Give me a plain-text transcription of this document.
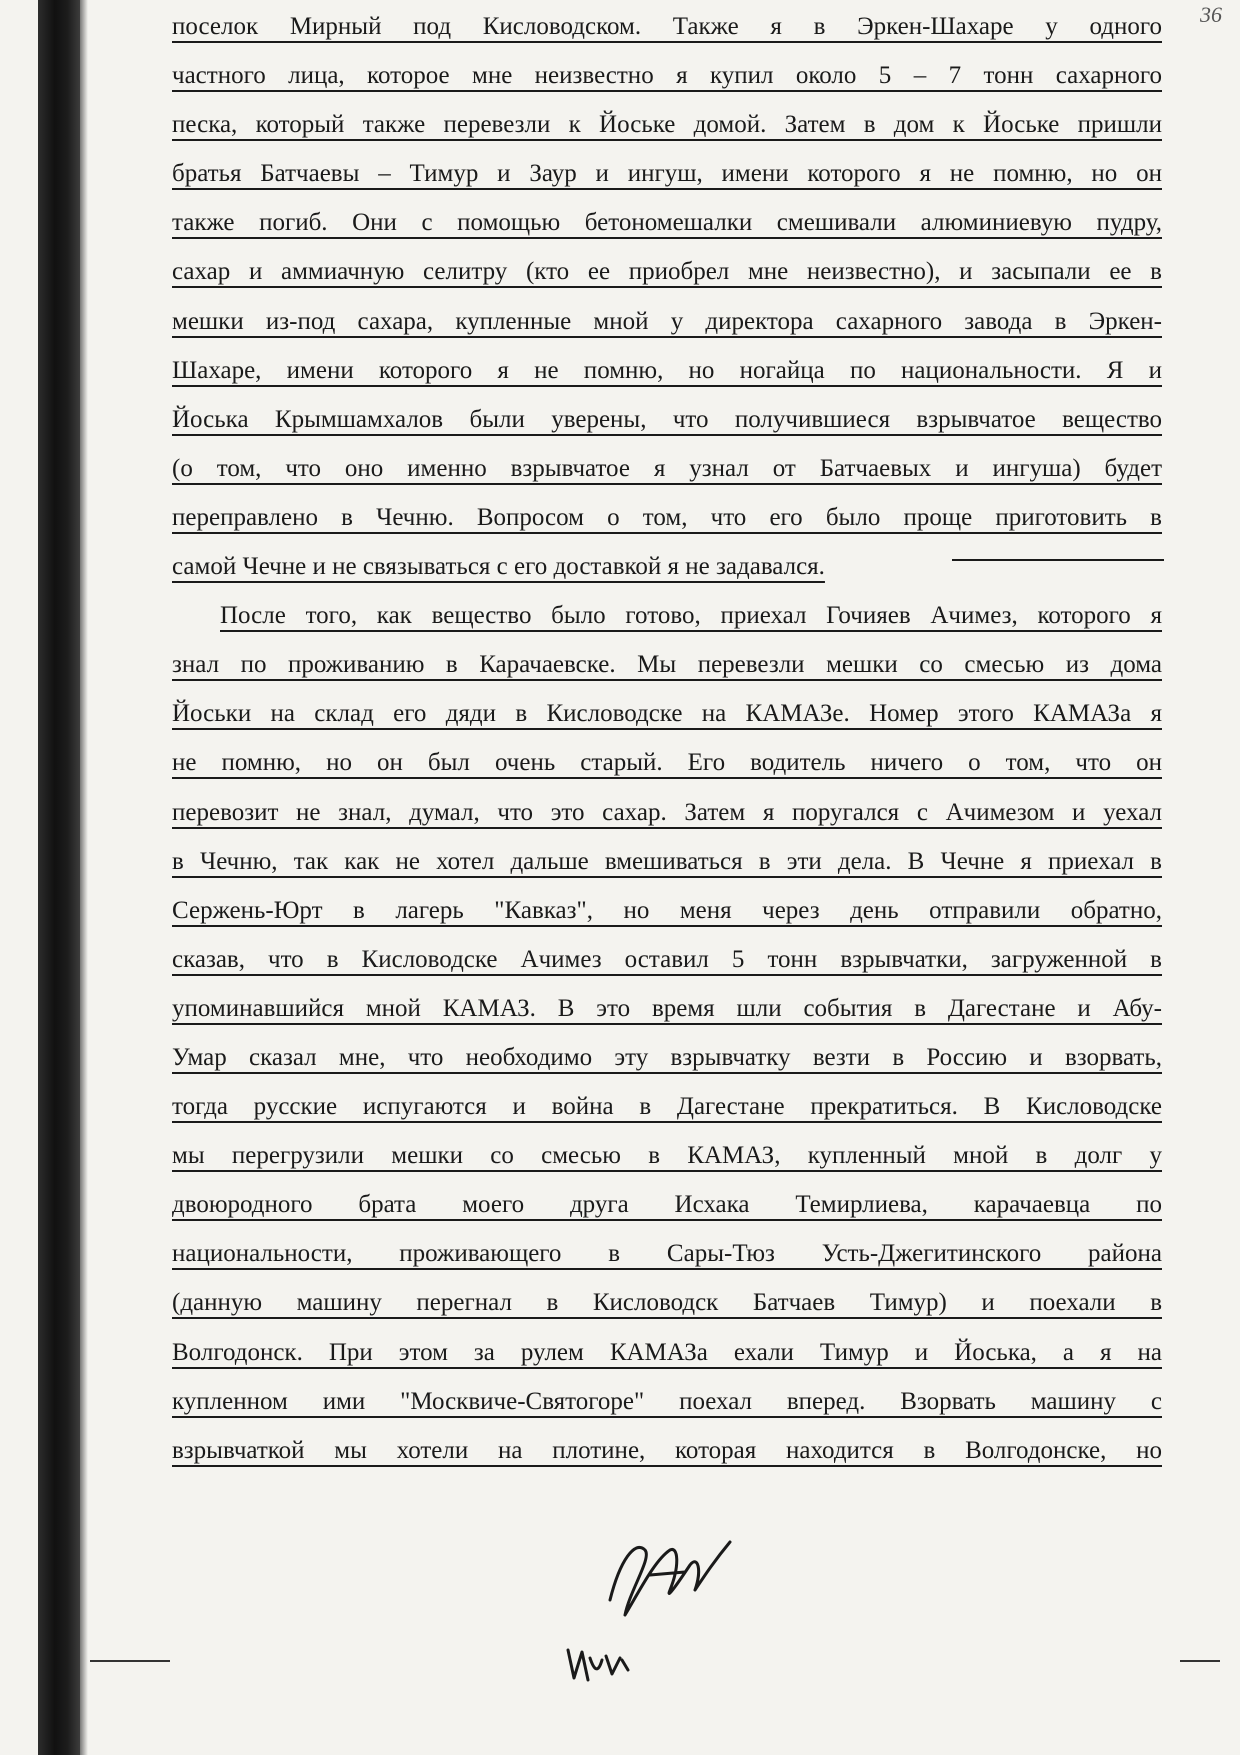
36
поселок Мирный под Кисловодском. Также я в Эркен-Шахаре у одного
частного лица, которое мне неизвестно я купил около 5 – 7 тонн сахарного
песка, который также перевезли к Йоське домой. Затем в дом к Йоське пришли
братья Батчаевы – Тимур и Заур и ингуш, имени которого я не помню, но он
также погиб. Они с помощью бетономешалки смешивали алюминиевую пудру,
сахар и аммиачную селитру (кто ее приобрел мне неизвестно), и засыпали ее в
мешки из-под сахара, купленные мной у директора сахарного завода в Эркен-
Шахаре, имени которого я не помню, но ногайца по национальности. Я и
Йоська Крымшамхалов были уверены, что получившиеся взрывчатое вещество
(о том, что оно именно взрывчатое я узнал от Батчаевых и ингуша) будет
переправлено в Чечню. Вопросом о том, что его было проще приготовить в
самой Чечне и не связываться с его доставкой я не задавался.
После того, как вещество было готово, приехал Гочияев Ачимез, которого я
знал по проживанию в Карачаевске. Мы перевезли мешки со смесью из дома
Йоськи на склад его дяди в Кисловодске на КАМАЗе. Номер этого КАМАЗа я
не помню, но он был очень старый. Его водитель ничего о том, что он
перевозит не знал, думал, что это сахар. Затем я поругался с Ачимезом и уехал
в Чечню, так как не хотел дальше вмешиваться в эти дела. В Чечне я приехал в
Сержень-Юрт в лагерь "Кавказ", но меня через день отправили обратно,
сказав, что в Кисловодске Ачимез оставил 5 тонн взрывчатки, загруженной в
упоминавшийся мной КАМАЗ. В это время шли события в Дагестане и Абу-
Умар сказал мне, что необходимо эту взрывчатку везти в Россию и взорвать,
тогда русские испугаются и война в Дагестане прекратиться. В Кисловодске
мы перегрузили мешки со смесью в КАМАЗ, купленный мной в долг у
двоюродного брата моего друга Исхака Темирлиева, карачаевца по
национальности, проживающего в Сары-Тюз Усть-Джегитинского района
(данную машину перегнал в Кисловодск Батчаев Тимур) и поехали в
Волгодонск. При этом за рулем КАМАЗа ехали Тимур и Йоська, а я на
купленном ими "Москвиче-Святогоре" поехал вперед. Взорвать машину с
взрывчаткой мы хотели на плотине, которая находится в Волгодонске, но
